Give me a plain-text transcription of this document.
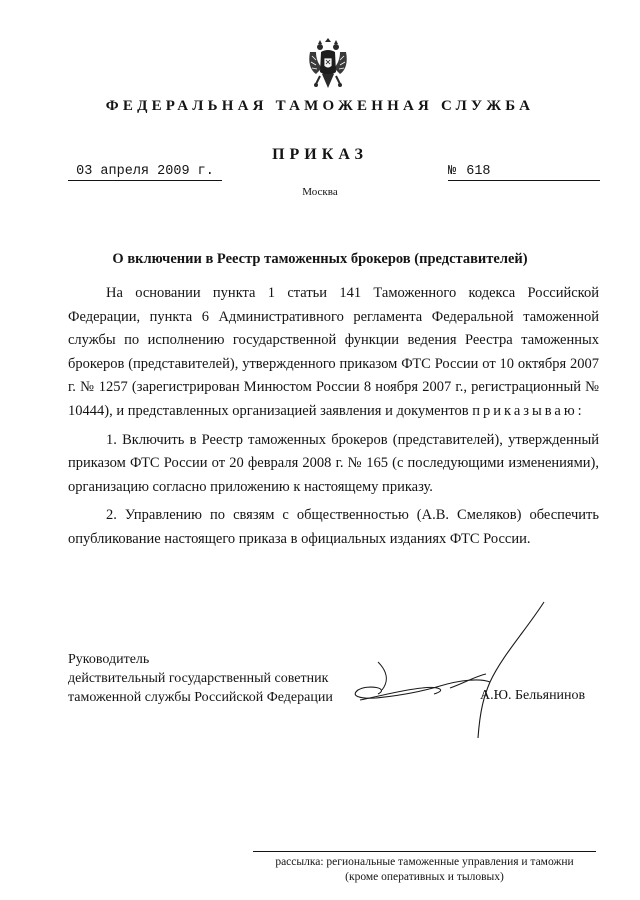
ФЕДЕРАЛЬНАЯ ТАМОЖЕННАЯ СЛУЖБА
ПРИКАЗ
03 апреля 2009 г.	№ 618
Москва
О включении в Реестр таможенных брокеров (представителей)

На основании пункта 1 статьи 141 Таможенного кодекса Российской Федерации, пункта 6 Административного регламента Федеральной таможенной службы по исполнению государственной функции ведения Реестра таможенных брокеров (представителей), утвержденного приказом ФТС России от 10 октября 2007 г. № 1257 (зарегистрирован Минюстом России 8 ноября 2007 г., регистрационный № 10444), и представленных организацией заявления и документов приказываю:

1. Включить в Реестр таможенных брокеров (представителей), утвержденный приказом ФТС России от 20 февраля 2008 г. № 165 (с последующими изменениями), организацию согласно приложению к настоящему приказу.

2. Управлению по связям с общественностью (А.В. Смеляков) обеспечить опубликование настоящего приказа в официальных изданиях ФТС России.

Руководитель
действительный государственный советник
таможенной службы Российской Федерации	А.Ю. Бельянинов
рассылка: региональные таможенные управления и таможни
(кроме оперативных и тыловых)
